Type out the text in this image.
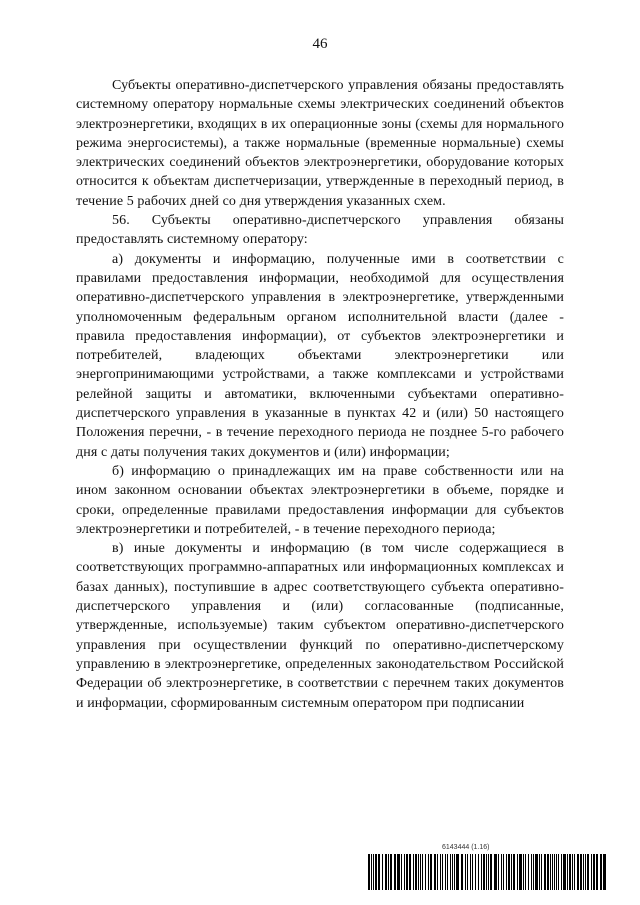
46

Субъекты оперативно-диспетчерского управления обязаны предоставлять системному оператору нормальные схемы электрических соединений объектов электроэнергетики, входящих в их операционные зоны (схемы для нормального режима энергосистемы), а также нормальные (временные нормальные) схемы электрических соединений объектов электроэнергетики, оборудование которых относится к объектам диспетчеризации, утвержденные в переходный период, в течение 5 рабочих дней со дня утверждения указанных схем.

56. Субъекты оперативно-диспетчерского управления обязаны предоставлять системному оператору:

а) документы и информацию, полученные ими в соответствии с правилами предоставления информации, необходимой для осуществления оперативно-диспетчерского управления в электроэнергетике, утвержденными уполномоченным федеральным органом исполнительной власти (далее - правила предоставления информации), от субъектов электроэнергетики и потребителей, владеющих объектами электроэнергетики или энергопринимающими устройствами, а также комплексами и устройствами релейной защиты и автоматики, включенными субъектами оперативно-диспетчерского управления в указанные в пунктах 42 и (или) 50 настоящего Положения перечни, - в течение переходного периода не позднее 5-го рабочего дня с даты получения таких документов и (или) информации;

б) информацию о принадлежащих им на праве собственности или на ином законном основании объектах электроэнергетики в объеме, порядке и сроки, определенные правилами предоставления информации для субъектов электроэнергетики и потребителей, - в течение переходного периода;

в) иные документы и информацию (в том числе содержащиеся в соответствующих программно-аппаратных или информационных комплексах и базах данных), поступившие в адрес соответствующего субъекта оперативно-диспетчерского управления и (или) согласованные (подписанные, утвержденные, используемые) таким субъектом оперативно-диспетчерского управления при осуществлении функций по оперативно-диспетчерскому управлению в электроэнергетике, определенных законодательством Российской Федерации об электроэнергетике, в соответствии с перечнем таких документов и информации, сформированным системным оператором при подписании

6143444 (1.16)
